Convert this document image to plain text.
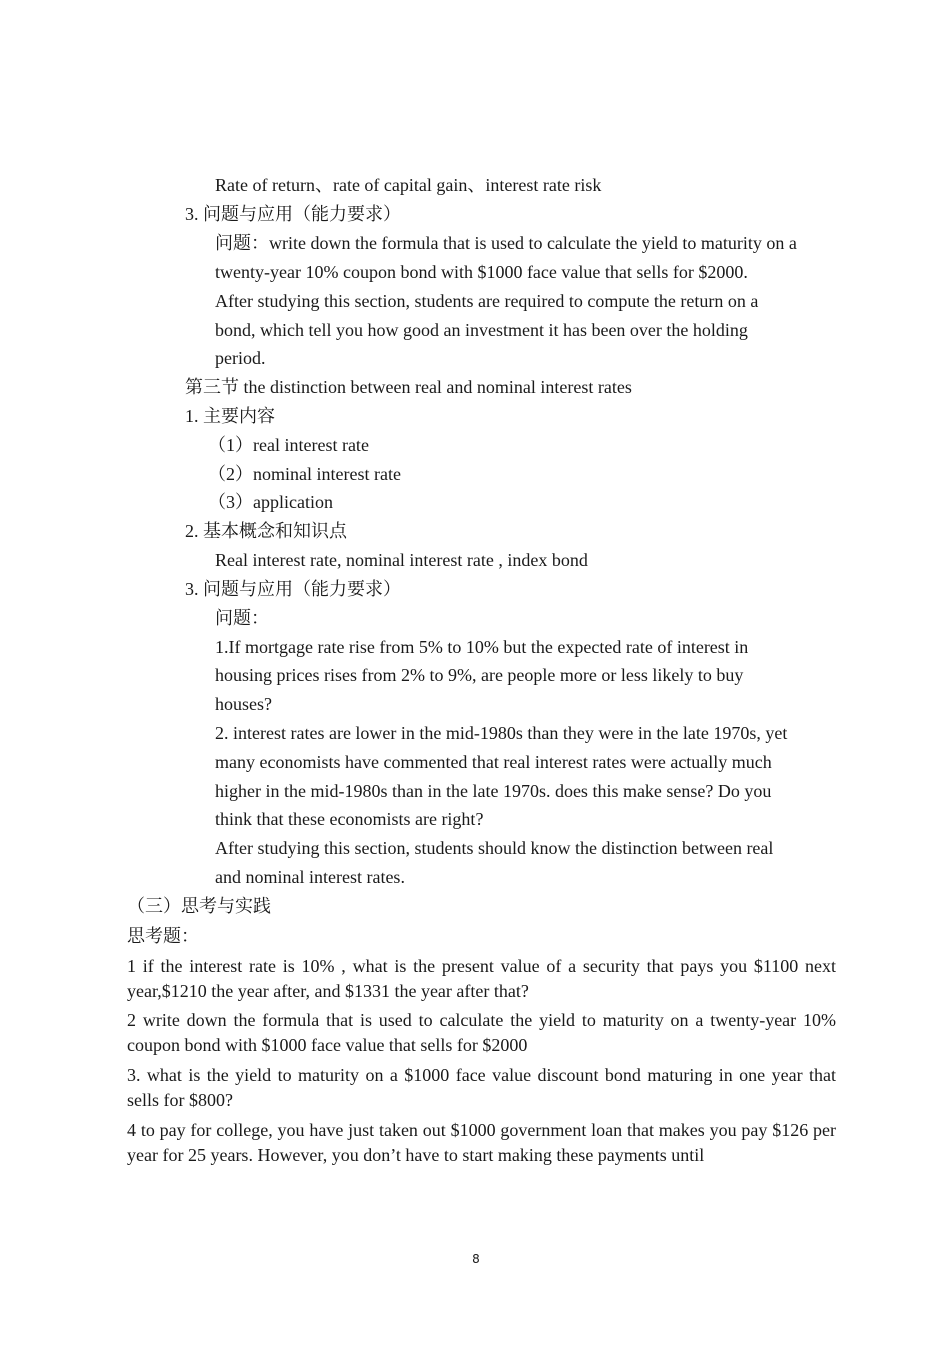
Rate of return、rate of capital gain、interest rate risk
3. 问题与应用（能力要求）
问题：write down the formula that is used to calculate the yield to maturity on a
twenty-year 10% coupon bond with $1000 face value that sells for $2000.
After studying this section, students are required to compute the return on a
bond, which tell you how good an investment it has been over the holding
period.
第三节 the distinction between real and nominal interest rates
1. 主要内容
（1）real interest rate
（2）nominal interest rate
（3）application
2. 基本概念和知识点
Real interest rate, nominal interest rate , index bond
3. 问题与应用（能力要求）
问题：
1.If mortgage rate rise from 5% to 10% but the expected rate of interest in
housing prices rises from 2% to 9%, are people more or less likely to buy
houses?
2. interest rates are lower in the mid-1980s than they were in the late 1970s, yet
many economists have commented that real interest rates were actually much
higher in the mid-1980s than in the late 1970s. does this make sense? Do you
think that these economists are right?
After studying this section, students should know the distinction between real
and nominal interest rates.
（三）思考与实践
思考题：
1 if the interest rate is 10% , what is the present value of a security that pays you $1100 next year,$1210 the year after, and $1331 the year after that?
2 write down the formula that is used to calculate the yield to maturity on a twenty-year 10% coupon bond with $1000 face value that sells for $2000
3. what is the yield to maturity on a $1000 face value discount bond maturing in one year that sells for $800?
4 to pay for college, you have just taken out $1000 government loan that makes you pay $126 per year for 25 years. However, you don’t have to start making these payments until
8
